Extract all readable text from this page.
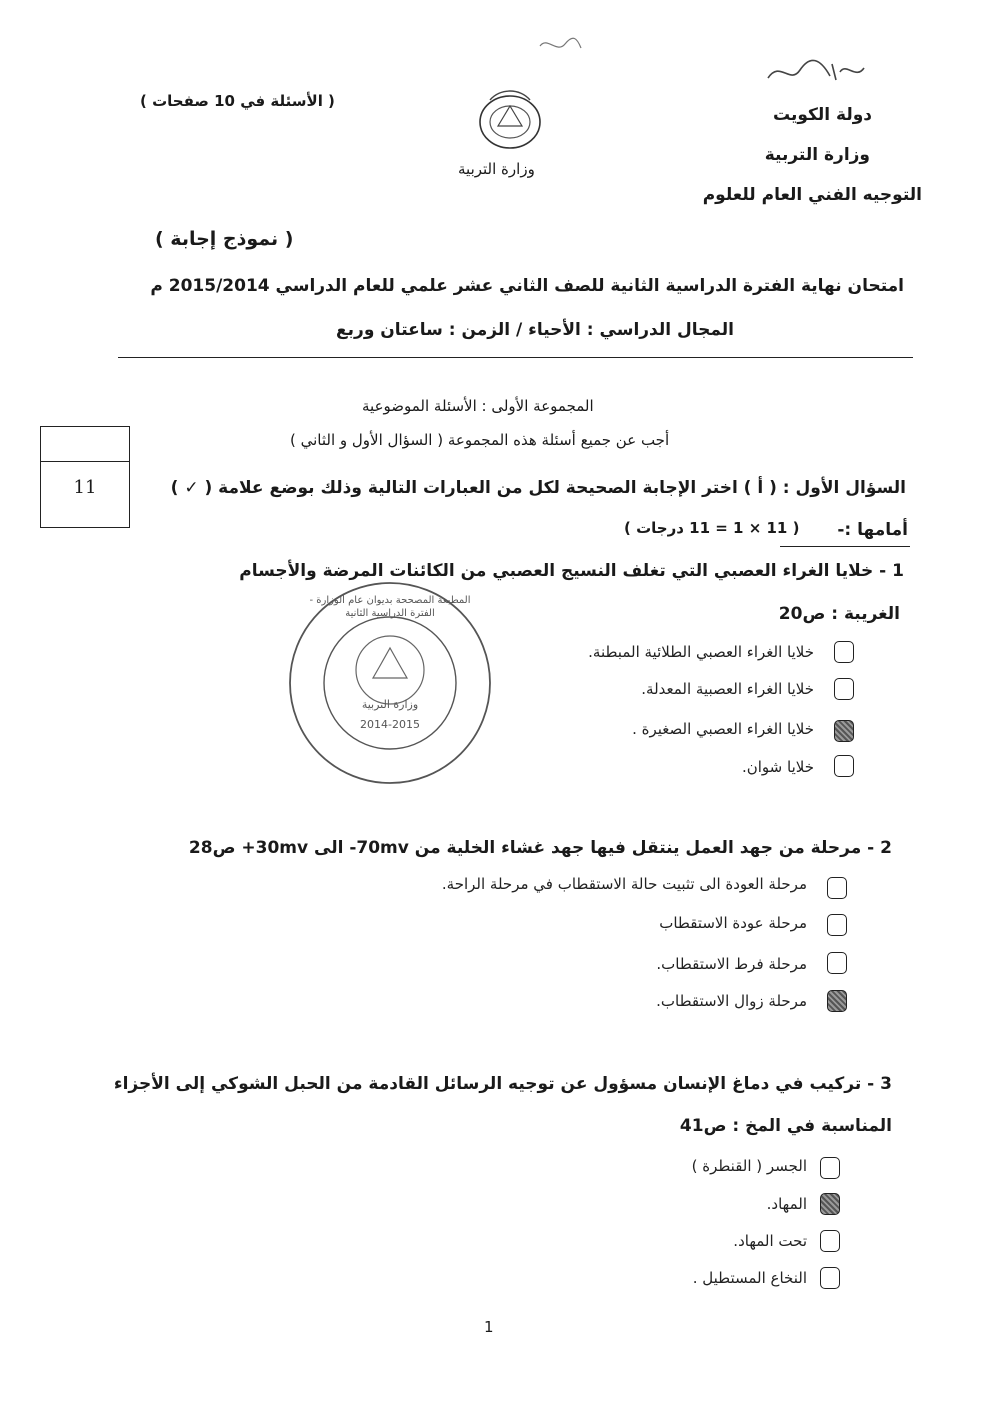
دولة الكويت
وزارة التربية
التوجيه الفني العام للعلوم
وزارة التربية
( الأسئلة في 10 صفحات )
( نموذج إجابة )
امتحان نهاية الفترة الدراسية الثانية للصف الثاني عشر علمي للعام الدراسي 2015/2014 م
المجال الدراسي : الأحياء / الزمن : ساعتان وربع
المجموعة الأولى : الأسئلة الموضوعية
أجب عن جميع أسئلة هذه المجموعة ( السؤال الأول و الثاني )
11	السؤال الأول : ( أ ) اختر الإجابة الصحيحة لكل من العبارات التالية وذلك بوضع علامة ( ✓ )
أمامها :-
( 11 × 1 = 11 درجات )
1 - خلايا الغراء العصبي التي تغلف النسيج العصبي من الكائنات المرضة والأجسام
الغريبة : ص20
خلايا الغراء العصبي الطلائية المبطنة.
خلايا الغراء العصبية المعدلة.
خلايا الغراء العصبي الصغيرة .
خلايا شوان.
المطبعة المصححة بديوان عام الوزارة - الفترة الدراسية الثانية
وزارة التربية
2014-2015
2 - مرحلة من جهد العمل ينتقل فيها جهد غشاء الخلية من -70mv الى +30mv ص28
مرحلة العودة الى تثبيت حالة الاستقطاب في مرحلة الراحة.
مرحلة عودة الاستقطاب
مرحلة فرط الاستقطاب.
مرحلة زوال الاستقطاب.
3 - تركيب في دماغ الإنسان مسؤول عن توجيه الرسائل القادمة من الحبل الشوكي إلى الأجزاء
المناسبة في المخ : ص41
الجسر ( القنطرة )
المهاد.
تحت المهاد.
النخاع المستطيل .
1
